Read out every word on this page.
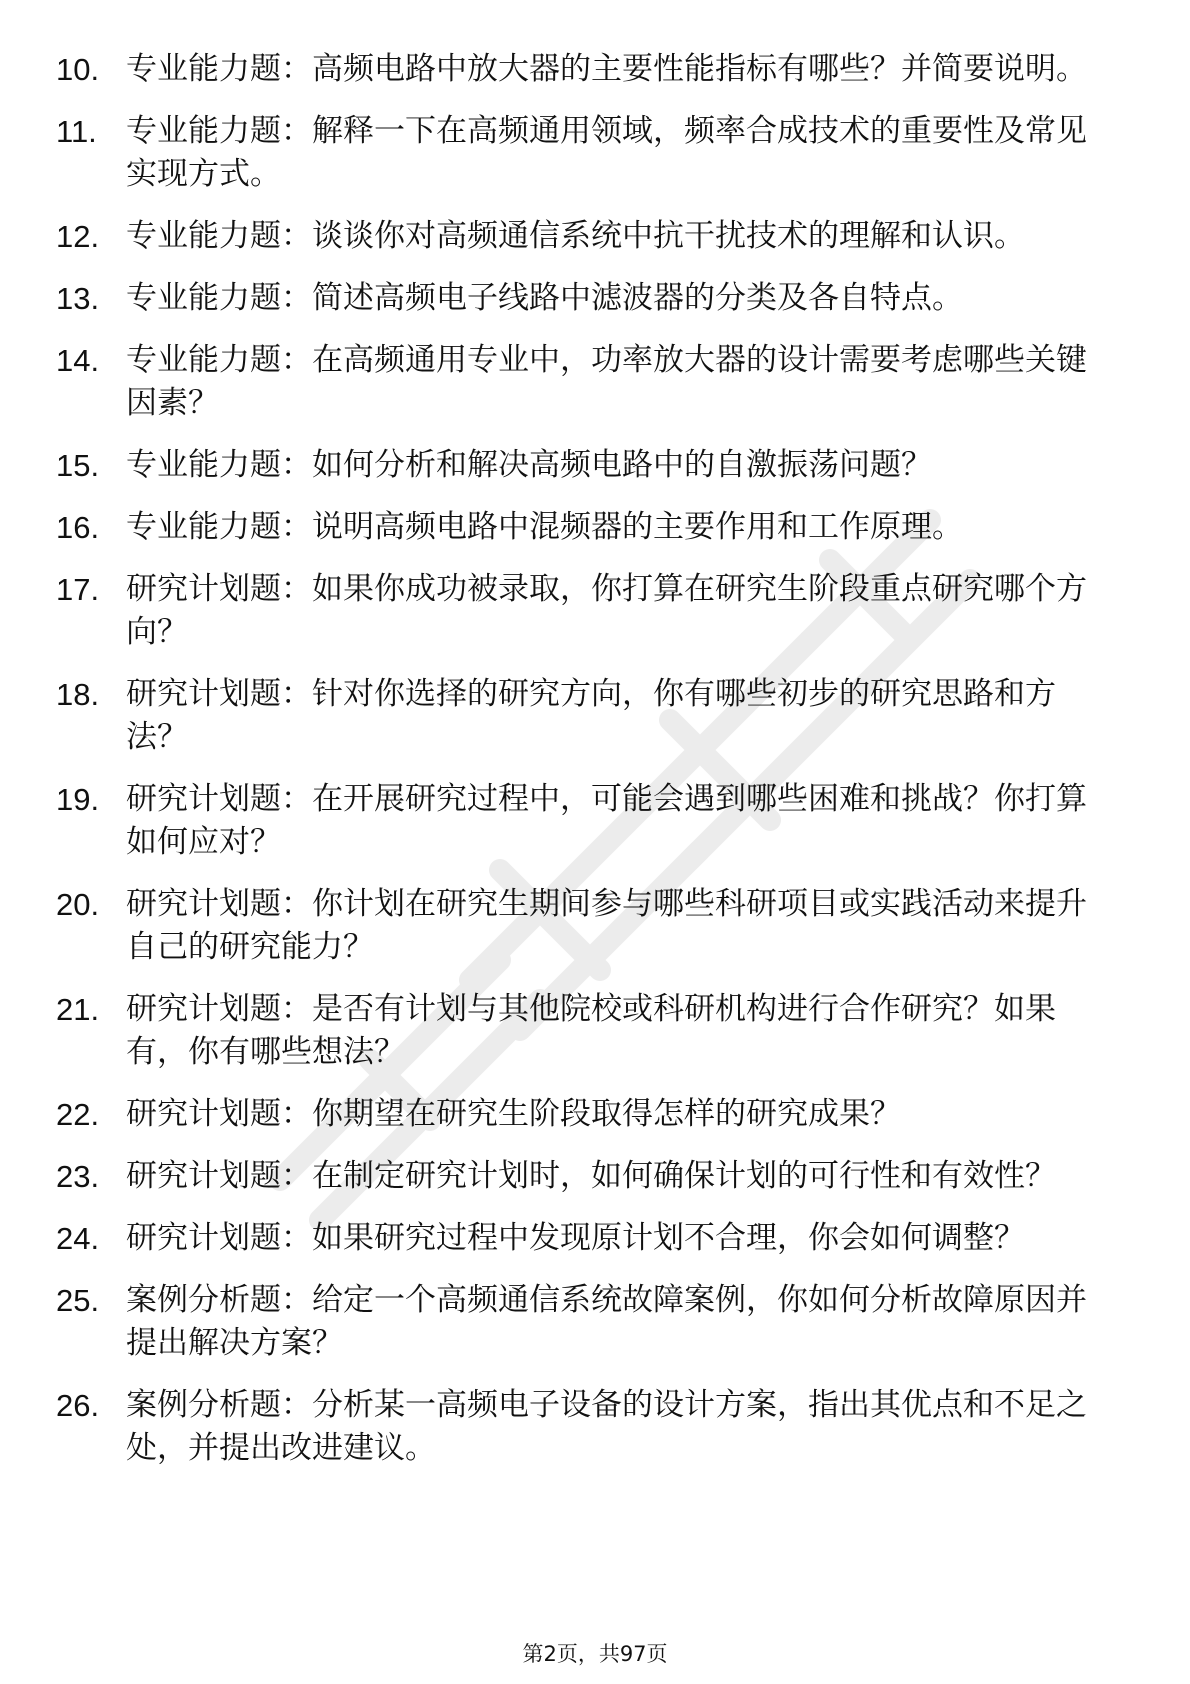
10. 专业能力题：高频电路中放大器的主要性能指标有哪些？并简要说明。
11. 专业能力题：解释一下在高频通用领域，频率合成技术的重要性及常见实现方式。
12. 专业能力题：谈谈你对高频通信系统中抗干扰技术的理解和认识。
13. 专业能力题：简述高频电子线路中滤波器的分类及各自特点。
14. 专业能力题：在高频通用专业中，功率放大器的设计需要考虑哪些关键因素？
15. 专业能力题：如何分析和解决高频电路中的自激振荡问题？
16. 专业能力题：说明高频电路中混频器的主要作用和工作原理。
17. 研究计划题：如果你成功被录取，你打算在研究生阶段重点研究哪个方向？
18. 研究计划题：针对你选择的研究方向，你有哪些初步的研究思路和方法？
19. 研究计划题：在开展研究过程中，可能会遇到哪些困难和挑战？你打算如何应对？
20. 研究计划题：你计划在研究生期间参与哪些科研项目或实践活动来提升自己的研究能力？
21. 研究计划题：是否有计划与其他院校或科研机构进行合作研究？如果有，你有哪些想法？
22. 研究计划题：你期望在研究生阶段取得怎样的研究成果？
23. 研究计划题：在制定研究计划时，如何确保计划的可行性和有效性？
24. 研究计划题：如果研究过程中发现原计划不合理，你会如何调整？
25. 案例分析题：给定一个高频通信系统故障案例，你如何分析故障原因并提出解决方案？
26. 案例分析题：分析某一高频电子设备的设计方案，指出其优点和不足之处，并提出改进建议。
第2页，共97页
